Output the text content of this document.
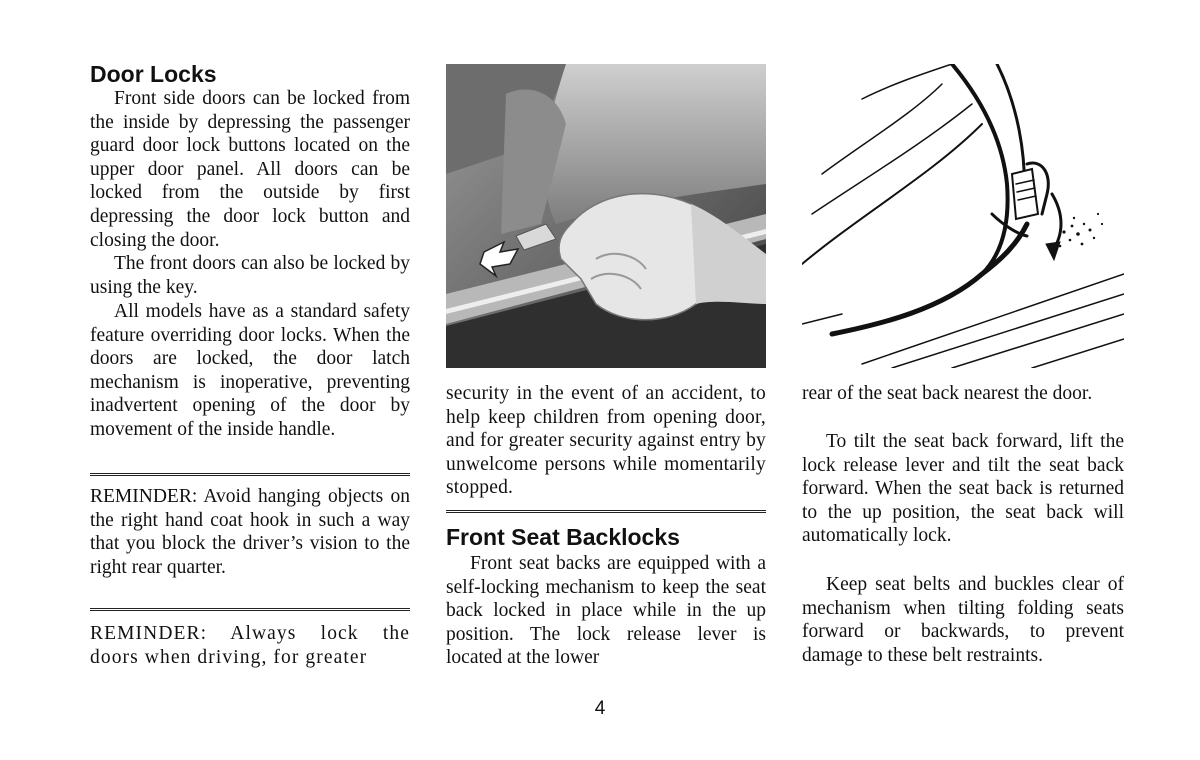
Door Locks

Front side doors can be locked from the inside by depressing the passenger guard door lock buttons located on the upper door panel. All doors can be locked from the outside by first depressing the door lock button and closing the door.

The front doors can also be locked by using the key.

All models have as a standard safety feature overriding door locks. When the doors are locked, the door latch mechanism is inoperative, preventing inadvertent opening of the door by movement of the inside handle.

REMINDER: Avoid hanging objects on the right hand coat hook in such a way that you block the driver’s vision to the right rear quarter.

REMINDER: Always lock the doors when driving, for greater

security in the event of an accident, to help keep children from opening door, and for greater security against entry by unwelcome persons while momentarily stopped.

Front Seat Backlocks

Front seat backs are equipped with a self-locking mechanism to keep the seat back locked in place while in the up position. The lock release lever is located at the lower

rear of the seat back nearest the door.

To tilt the seat back forward, lift the lock release lever and tilt the seat back forward. When the seat back is returned to the up position, the seat back will automatically lock.

Keep seat belts and buckles clear of mechanism when tilting folding seats forward or backwards, to prevent damage to these belt restraints.

4
